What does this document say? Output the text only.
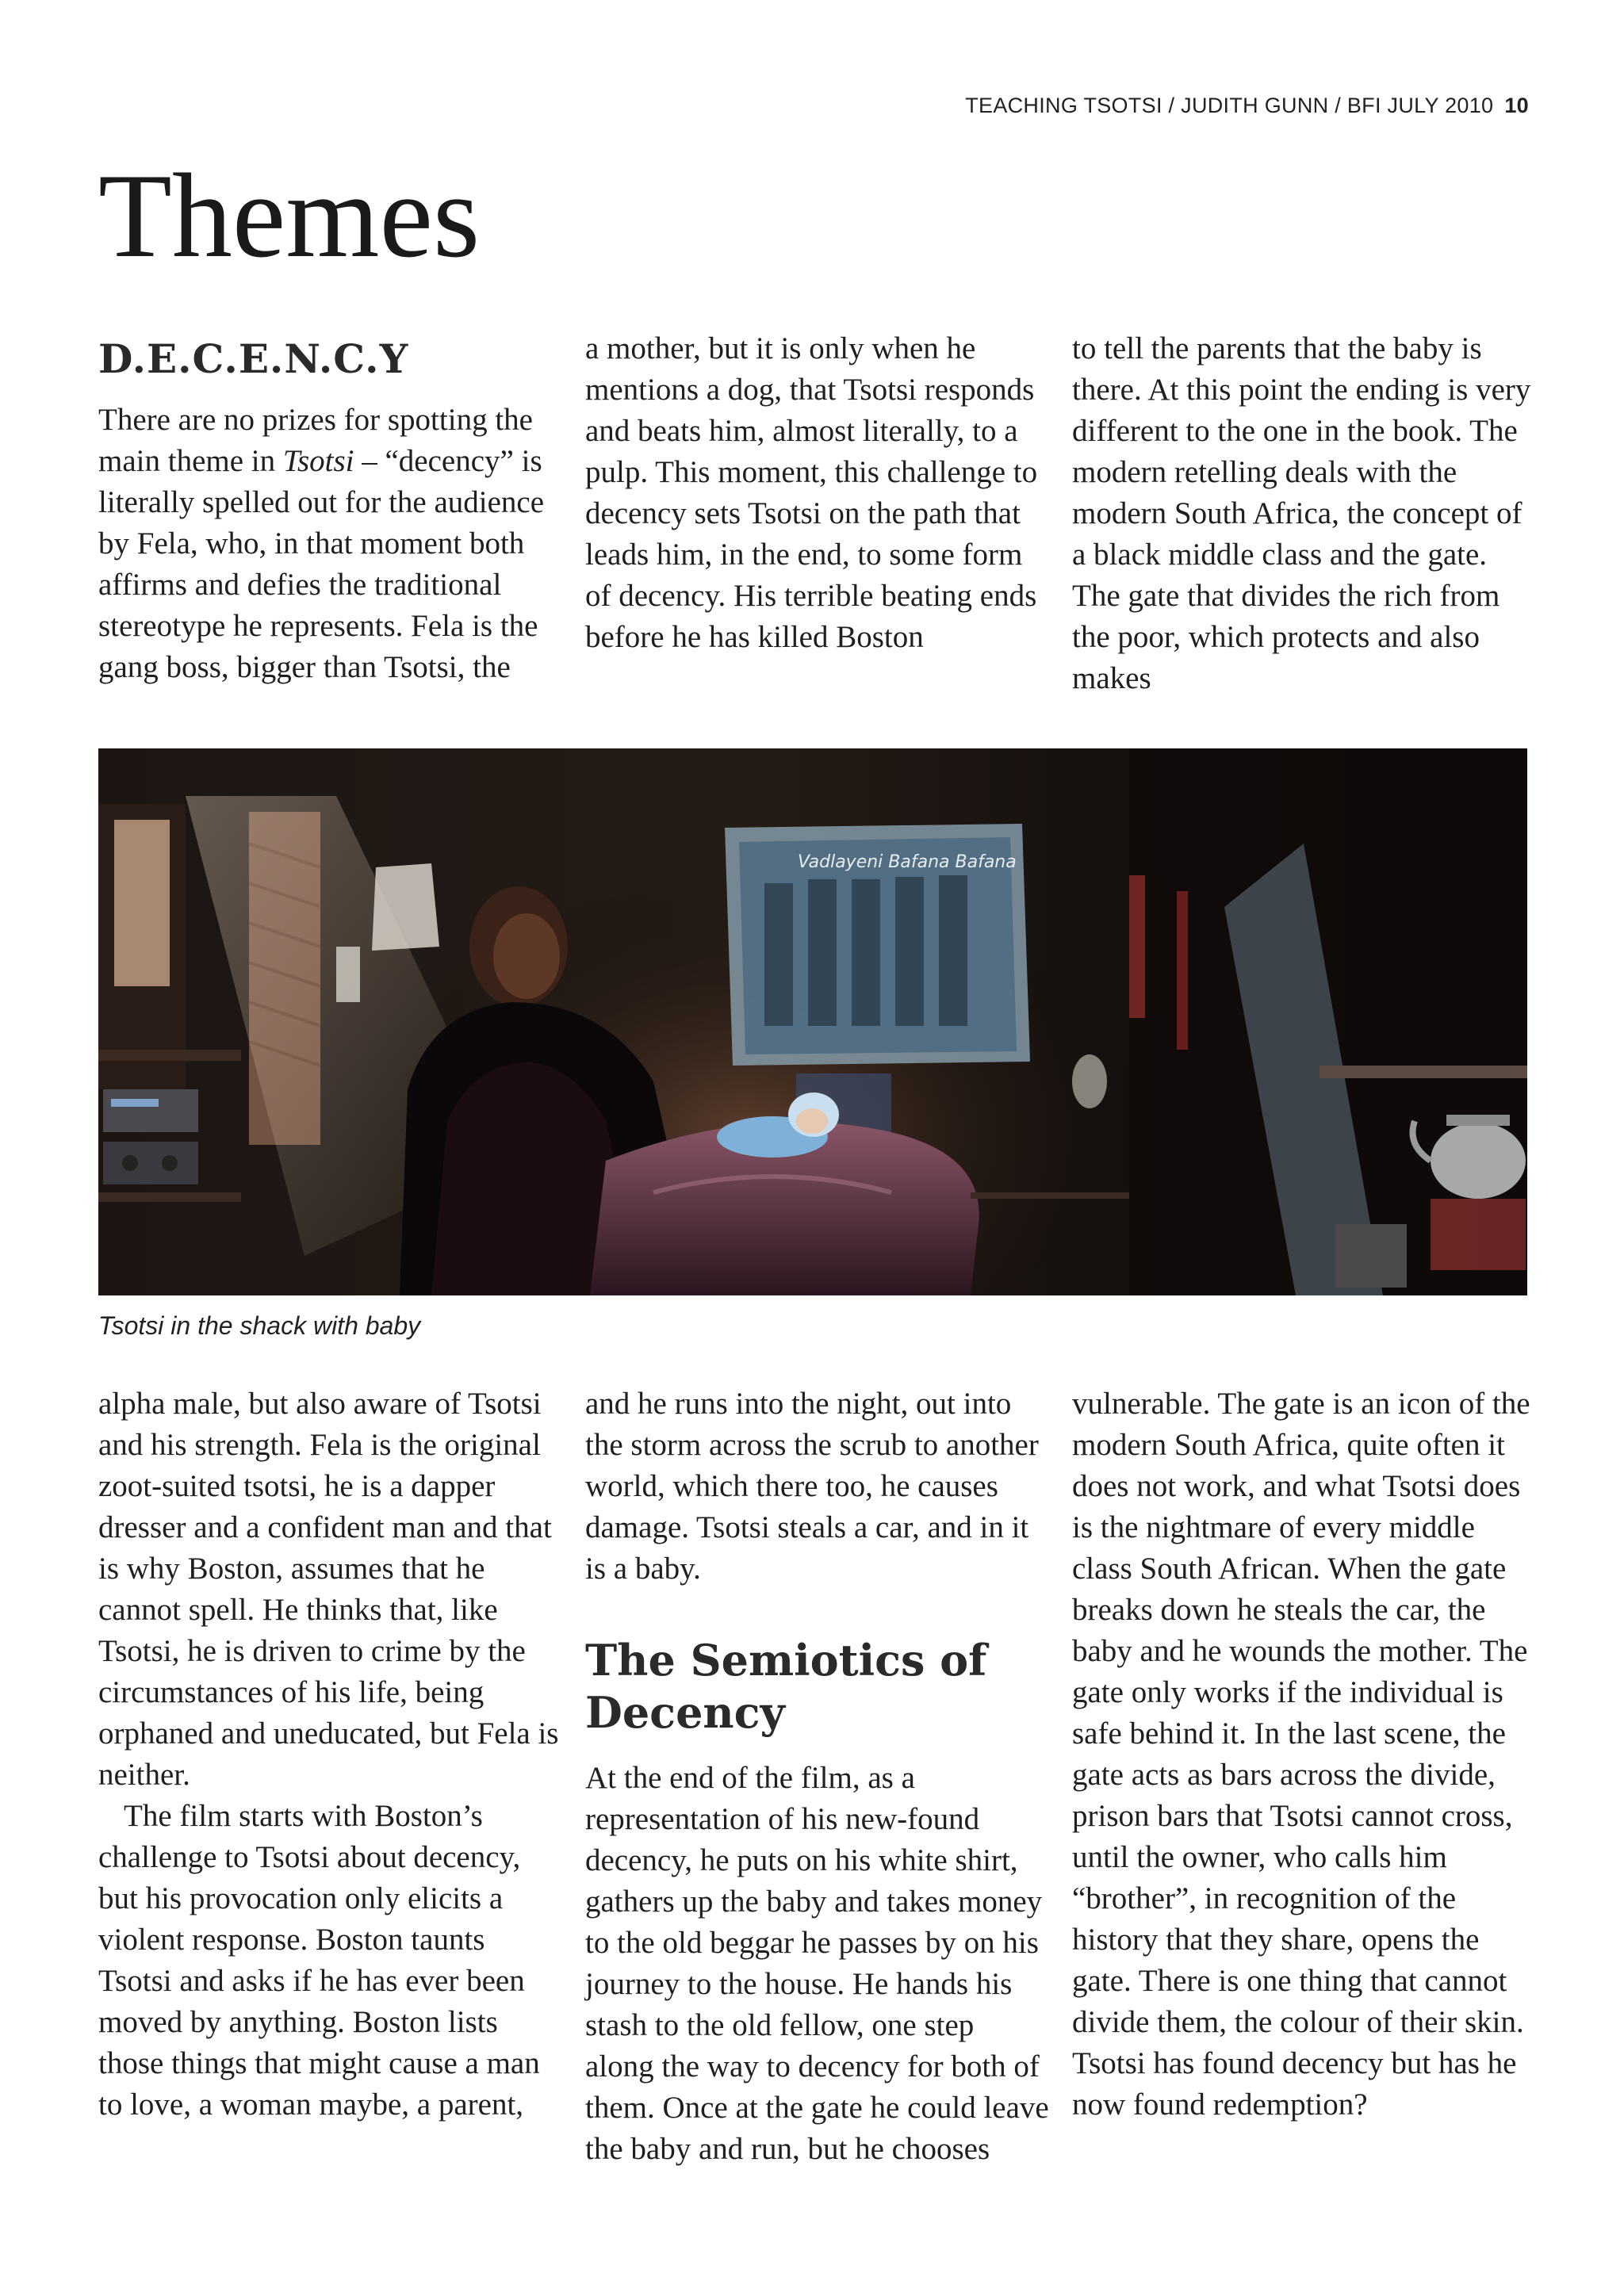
TEACHING TSOTSI / JUDITH GUNN / BFI JULY 2010 10
Themes
D.E.C.E.N.C.Y

There are no prizes for spotting the main theme in Tsotsi – “decency” is literally spelled out for the audience by Fela, who, in that moment both affirms and defies the traditional stereotype he represents. Fela is the gang boss, bigger than Tsotsi, the

a mother, but it is only when he mentions a dog, that Tsotsi responds and beats him, almost literally, to a pulp. This moment, this challenge to decency sets Tsotsi on the path that leads him, in the end, to some form of decency. His terrible beating ends before he has killed Boston

to tell the parents that the baby is there. At this point the ending is very different to the one in the book. The modern retelling deals with the modern South Africa, the concept of a black middle class and the gate. The gate that divides the rich from the poor, which protects and also makes

Vadlayeni Bafana Bafana
Tsotsi in the shack with baby

alpha male, but also aware of Tsotsi and his strength. Fela is the original zoot-suited tsotsi, he is a dapper dresser and a confident man and that is why Boston, assumes that he cannot spell. He thinks that, like Tsotsi, he is driven to crime by the circumstances of his life, being orphaned and uneducated, but Fela is neither.

The film starts with Boston’s challenge to Tsotsi about decency, but his provocation only elicits a violent response. Boston taunts Tsotsi and asks if he has ever been moved by anything. Boston lists those things that might cause a man to love, a woman maybe, a parent,

and he runs into the night, out into the storm across the scrub to another world, which there too, he causes damage. Tsotsi steals a car, and in it is a baby.

The Semiotics of Decency

At the end of the film, as a representation of his new-found decency, he puts on his white shirt, gathers up the baby and takes money to the old beggar he passes by on his journey to the house. He hands his stash to the old fellow, one step along the way to decency for both of them. Once at the gate he could leave the baby and run, but he chooses

vulnerable. The gate is an icon of the modern South Africa, quite often it does not work, and what Tsotsi does is the nightmare of every middle class South African. When the gate breaks down he steals the car, the baby and he wounds the mother. The gate only works if the individual is safe behind it. In the last scene, the gate acts as bars across the divide, prison bars that Tsotsi cannot cross, until the owner, who calls him “brother”, in recognition of the history that they share, opens the gate. There is one thing that cannot divide them, the colour of their skin. Tsotsi has found decency but has he now found redemption?
